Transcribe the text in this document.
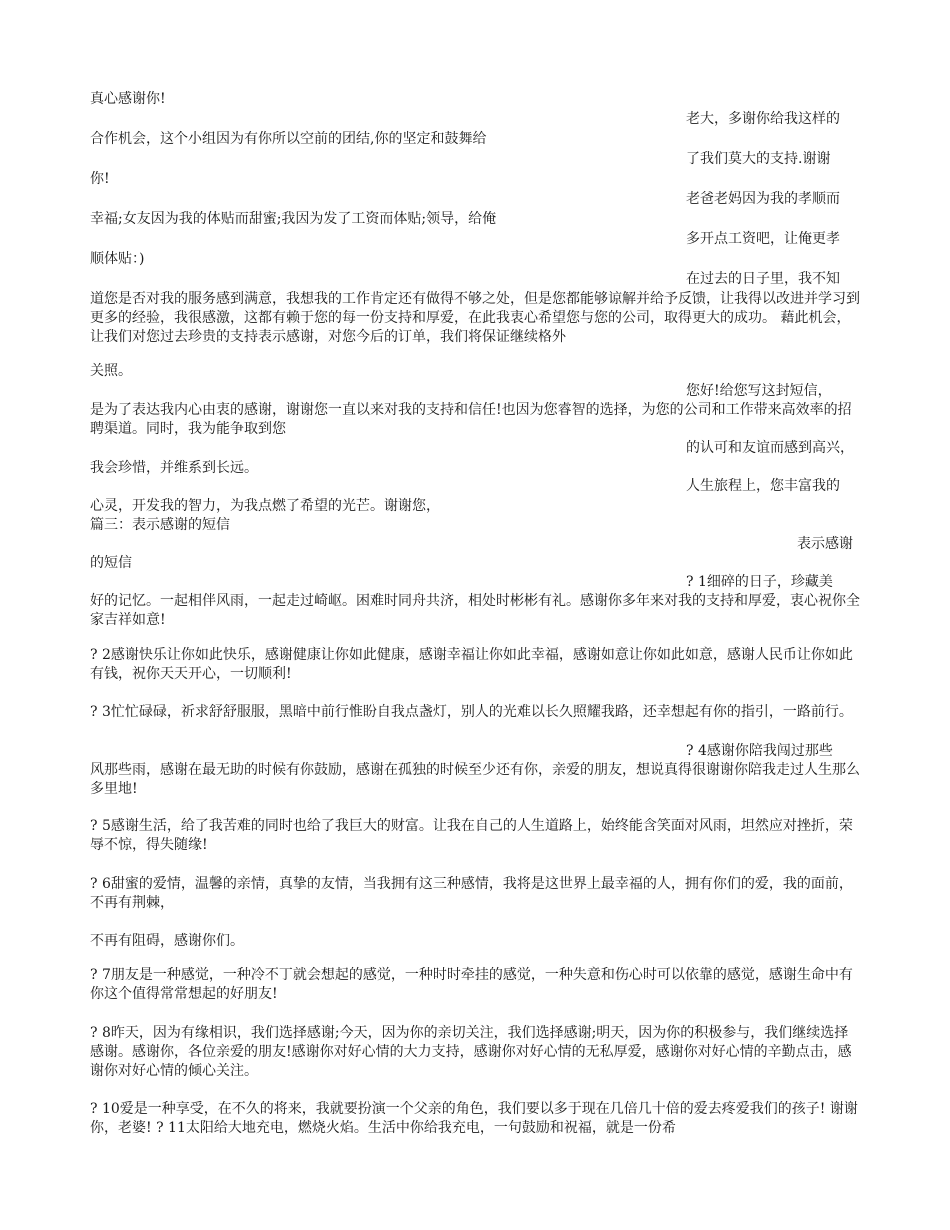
真心感谢你!
老大，多谢你给我这样的
合作机会，这个小组因为有你所以空前的团结,你的坚定和鼓舞给
了我们莫大的支持.谢谢
你!
老爸老妈因为我的孝顺而
幸福;女友因为我的体贴而甜蜜;我因为发了工资而体贴;领导，给俺
多开点工资吧，让俺更孝
顺体贴：)
在过去的日子里，我不知
道您是否对我的服务感到满意，我想我的工作肯定还有做得不够之处，但是您都能够谅解并给予反馈，让我得以改进并学习到更多的经验，我很感激，这都有赖于您的每一份支持和厚爱，在此我衷心希望您与您的公司，取得更大的成功。 藉此机会，让我们对您过去珍贵的支持表示感谢，对您今后的订单，我们将保证继续格外
关照。
您好!给您写这封短信，
是为了表达我内心由衷的感谢，谢谢您一直以来对我的支持和信任!也因为您睿智的选择，为您的公司和工作带来高效率的招聘渠道。同时，我为能争取到您
的认可和友谊而感到高兴，
我会珍惜，并维系到长远。
人生旅程上，您丰富我的
心灵，开发我的智力，为我点燃了希望的光芒。谢谢您，
篇三：表示感谢的短信
表示感谢
的短信
? 1细碎的日子，珍藏美
好的记忆。一起相伴风雨，一起走过崎岖。困难时同舟共济，相处时彬彬有礼。感谢你多年来对我的支持和厚爱，衷心祝你全家吉祥如意!
? 2感谢快乐让你如此快乐，感谢健康让你如此健康，感谢幸福让你如此幸福，感谢如意让你如此如意，感谢人民币让你如此有钱，祝你天天开心，一切顺利!
? 3忙忙碌碌，祈求舒舒服服，黑暗中前行惟盼自我点盏灯，别人的光难以长久照耀我路，还幸想起有你的指引，一路前行。
? 4感谢你陪我闯过那些
风那些雨，感谢在最无助的时候有你鼓励，感谢在孤独的时候至少还有你，亲爱的朋友，想说真得很谢谢你陪我走过人生那么多里地!
? 5感谢生活，给了我苦难的同时也给了我巨大的财富。让我在自己的人生道路上，始终能含笑面对风雨，坦然应对挫折，荣辱不惊，得失随缘!
? 6甜蜜的爱情，温馨的亲情，真挚的友情，当我拥有这三种感情，我将是这世界上最幸福的人，拥有你们的爱，我的面前，不再有荆棘，
不再有阻碍，感谢你们。
? 7朋友是一种感觉，一种冷不丁就会想起的感觉，一种时时牵挂的感觉，一种失意和伤心时可以依靠的感觉，感谢生命中有你这个值得常常想起的好朋友!
? 8昨天，因为有缘相识，我们选择感谢;今天，因为你的亲切关注，我们选择感谢;明天，因为你的积极参与，我们继续选择感谢。感谢你，各位亲爱的朋友!感谢你对好心情的大力支持，感谢你对好心情的无私厚爱，感谢你对好心情的辛勤点击，感谢你对好心情的倾心关注。
? 10爱是一种享受，在不久的将来，我就要扮演一个父亲的角色，我们要以多于现在几倍几十倍的爱去疼爱我们的孩子! 谢谢你，老婆! ? 11太阳给大地充电，燃烧火焰。生活中你给我充电，一句鼓励和祝福，就是一份希
